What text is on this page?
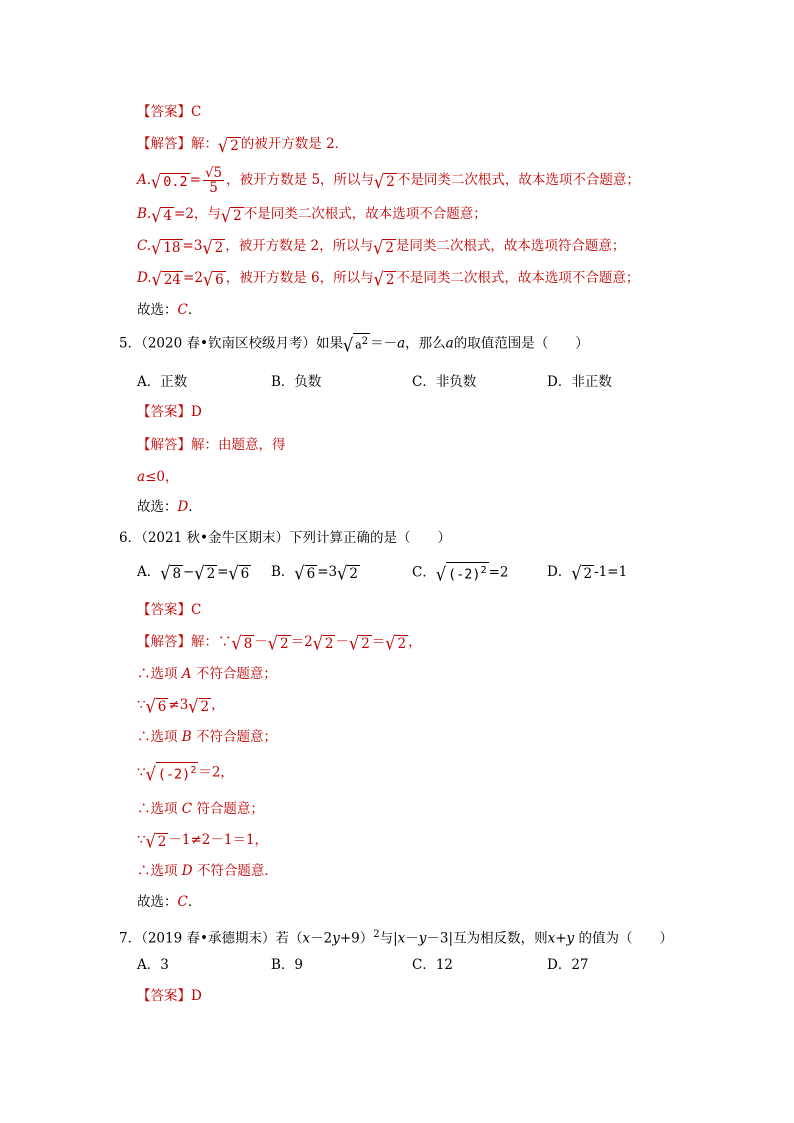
【答案】C
【解答】解： √ 2 的被开方数是 2．
A. √ $0.2 = \frac{√5}{5}$ ，被开方数是 5，所以与 √ 2 不是同类二次根式，故本选项不合题意；
B. √ 4 =2，与 √ 2 不是同类二次根式，故本选项不合题意；
C. √ 18 =3 √ 2 ，被开方数是 2，所以与 √ 2 是同类二次根式，故本选项符合题意；
D. √ 24 =2 √ 6 ，被开方数是 6，所以与 √ 2 不是同类二次根式，故本选项不合题意；
故选：C．
5．（2020 春•钦南区校级月考）如果 √ $a^2 =-a$，那么a的取值范围是（　　）
A．正数	B．负数	C．非负数	D．非正数
【答案】D
【解答】解：由题意，得
a≤0，
故选：D．
6．（2021 秋•金牛区期末）下列计算正确的是（　　）
A． √ 8 − √ 2 = √ 6 B． √ 6 =3 √ 2	C． √ $(-2)^2 =2$	D． √ 2 -1=1
【答案】C
【解答】解：∵ √ 8 － √ 2 ＝2 √ 2 － √ 2 ＝ √ 2 ，
∴选项 A 不符合题意；
∵ √ 6 ≠3 √ 2 ，
∴选项 B 不符合题意；
∵ √ $(-2)^2 =2$，
∴选项 C 符合题意；
∵ √ 2 －1≠2－1＝1，
∴选项 D 不符合题意．
故选：C．
7．（2019 春•承德期末）若$(x-2y+9)^2$与|x－y－3|互为相反数，则x+y 的值为（　　）
A．3	B．9	C．12	D．27
【答案】D
